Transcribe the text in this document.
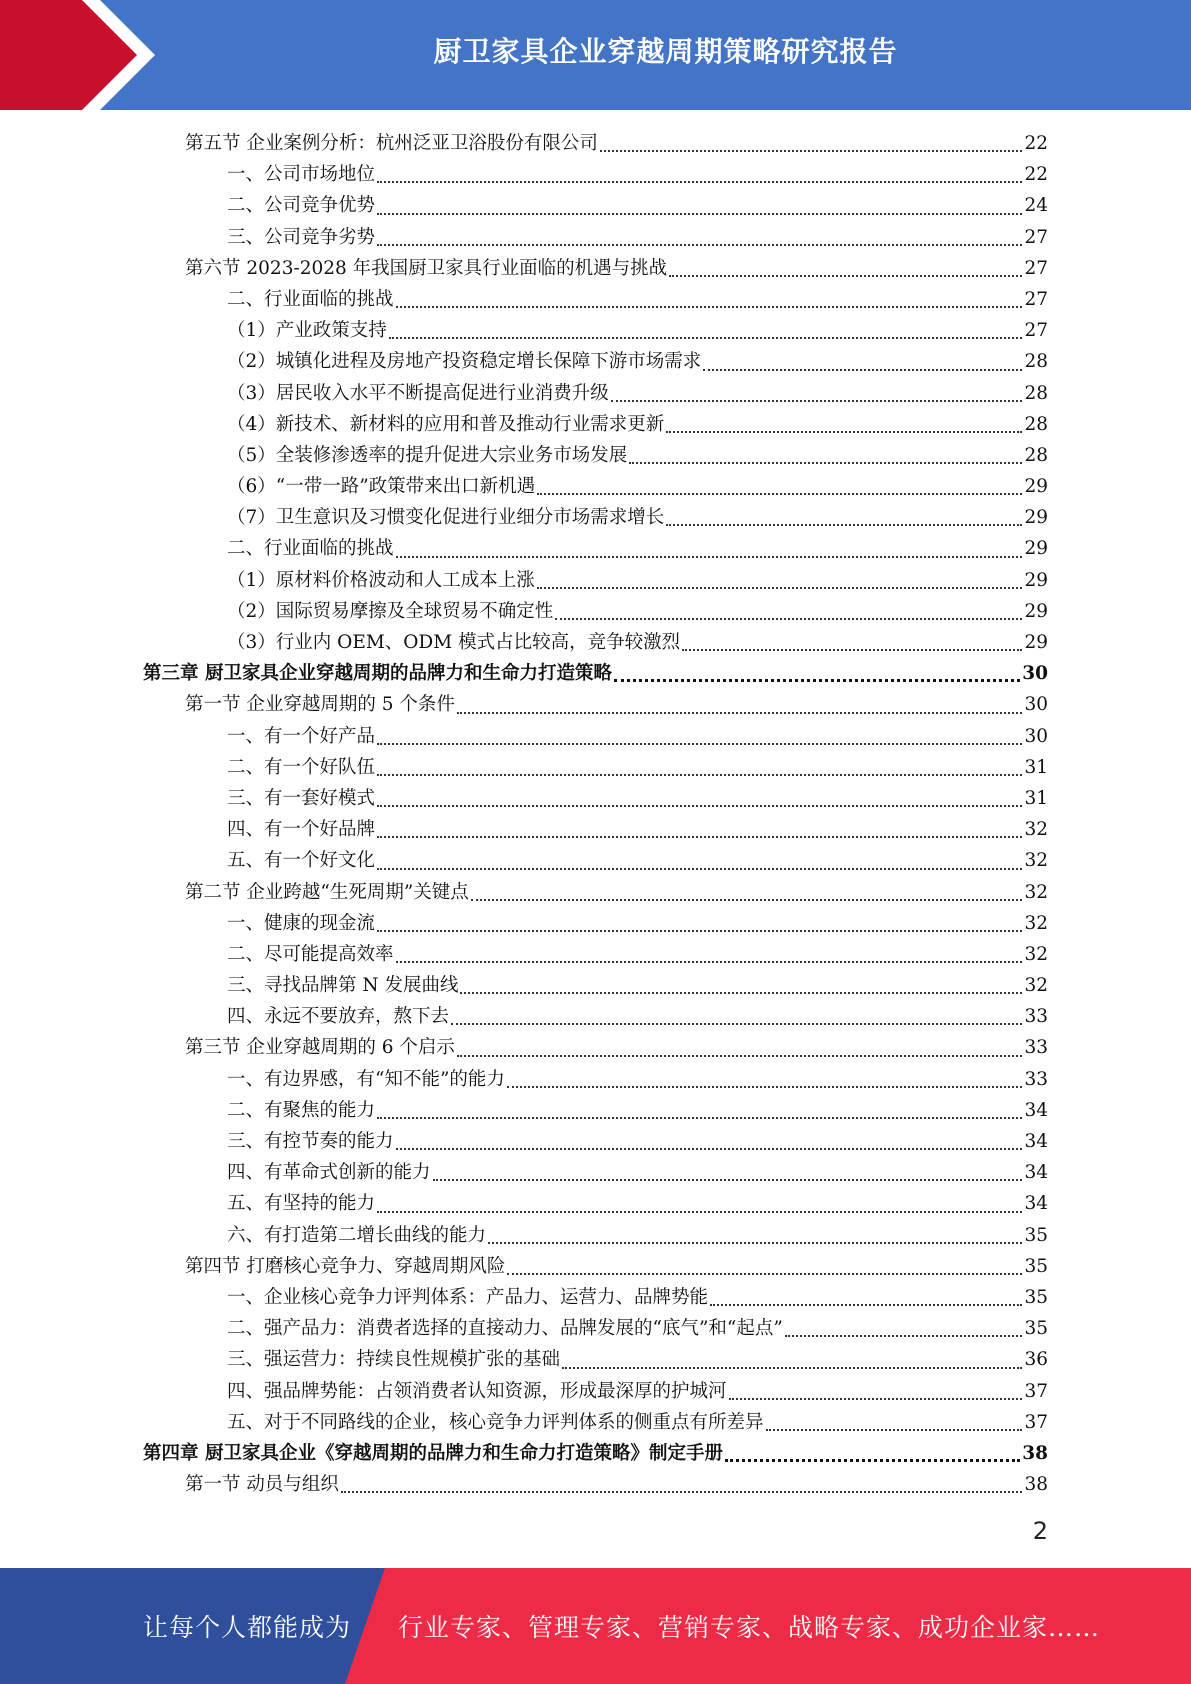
厨卫家具企业穿越周期策略研究报告
第五节 企业案例分析：杭州泛亚卫浴股份有限公司	22
一、公司市场地位	22
二、公司竞争优势	24
三、公司竞争劣势	27
第六节 2023-2028 年我国厨卫家具行业面临的机遇与挑战	27
二、行业面临的挑战	27
（1）产业政策支持	27
（2）城镇化进程及房地产投资稳定增长保障下游市场需求	28
（3）居民收入水平不断提高促进行业消费升级	28
（4）新技术、新材料的应用和普及推动行业需求更新	28
（5）全装修渗透率的提升促进大宗业务市场发展	28
（6）“一带一路”政策带来出口新机遇	29
（7）卫生意识及习惯变化促进行业细分市场需求增长	29
二、行业面临的挑战	29
（1）原材料价格波动和人工成本上涨	29
（2）国际贸易摩擦及全球贸易不确定性	29
（3）行业内 OEM、ODM 模式占比较高，竞争较激烈	29
第三章 厨卫家具企业穿越周期的品牌力和生命力打造策略	30
第一节 企业穿越周期的 5 个条件	30
一、有一个好产品	30
二、有一个好队伍	31
三、有一套好模式	31
四、有一个好品牌	32
五、有一个好文化	32
第二节 企业跨越“生死周期”关键点	32
一、健康的现金流	32
二、尽可能提高效率	32
三、寻找品牌第 N 发展曲线	32
四、永远不要放弃，熬下去	33
第三节 企业穿越周期的 6 个启示	33
一、有边界感，有“知不能”的能力	33
二、有聚焦的能力	34
三、有控节奏的能力	34
四、有革命式创新的能力	34
五、有坚持的能力	34
六、有打造第二增长曲线的能力	35
第四节 打磨核心竞争力、穿越周期风险	35
一、企业核心竞争力评判体系：产品力、运营力、品牌势能	35
二、强产品力：消费者选择的直接动力、品牌发展的“底气”和“起点”	35
三、强运营力：持续良性规模扩张的基础	36
四、强品牌势能：占领消费者认知资源，形成最深厚的护城河	37
五、对于不同路线的企业，核心竞争力评判体系的侧重点有所差异	37
第四章 厨卫家具企业《穿越周期的品牌力和生命力打造策略》制定手册	38
第一节 动员与组织	38
2
让每个人都能成为 行业专家、管理专家、营销专家、战略专家、成功企业家……
